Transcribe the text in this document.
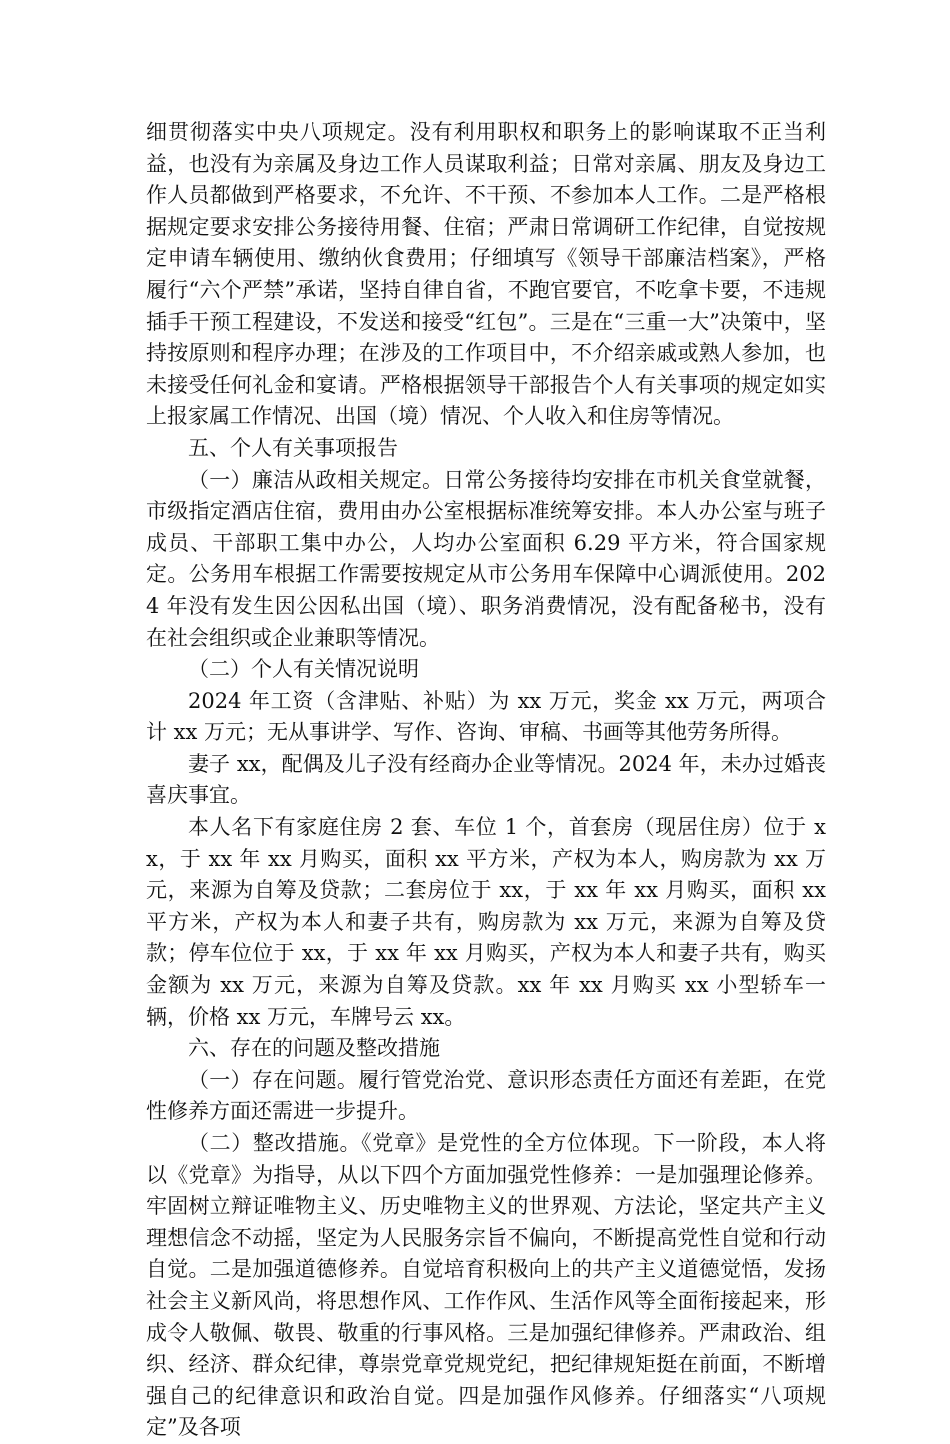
细贯彻落实中央八项规定。没有利用职权和职务上的影响谋取不正当利益，也没有为亲属及身边工作人员谋取利益；日常对亲属、朋友及身边工作人员都做到严格要求，不允许、不干预、不参加本人工作。二是严格根据规定要求安排公务接待用餐、住宿；严肃日常调研工作纪律，自觉按规定申请车辆使用、缴纳伙食费用；仔细填写《领导干部廉洁档案》，严格履行“六个严禁”承诺，坚持自律自省，不跑官要官，不吃拿卡要，不违规插手干预工程建设，不发送和接受“红包”。三是在“三重一大”决策中，坚持按原则和程序办理；在涉及的工作项目中，不介绍亲戚或熟人参加，也未接受任何礼金和宴请。严格根据领导干部报告个人有关事项的规定如实上报家属工作情况、出国（境）情况、个人收入和住房等情况。

五、个人有关事项报告

（一）廉洁从政相关规定。日常公务接待均安排在市机关食堂就餐，市级指定酒店住宿，费用由办公室根据标准统筹安排。本人办公室与班子成员、干部职工集中办公，人均办公室面积 6.29 平方米，符合国家规定。公务用车根据工作需要按规定从市公务用车保障中心调派使用。2024 年没有发生因公因私出国（境）、职务消费情况，没有配备秘书，没有在社会组织或企业兼职等情况。

（二）个人有关情况说明

2024 年工资（含津贴、补贴）为 xx 万元，奖金 xx 万元，两项合计 xx 万元；无从事讲学、写作、咨询、审稿、书画等其他劳务所得。

妻子 xx，配偶及儿子没有经商办企业等情况。2024 年，未办过婚丧喜庆事宜。

本人名下有家庭住房 2 套、车位 1 个，首套房（现居住房）位于 xx，于 xx 年 xx 月购买，面积 xx 平方米，产权为本人，购房款为 xx 万元，来源为自筹及贷款；二套房位于 xx，于 xx 年 xx 月购买，面积 xx 平方米，产权为本人和妻子共有，购房款为 xx 万元，来源为自筹及贷款；停车位位于 xx，于 xx 年 xx 月购买，产权为本人和妻子共有，购买金额为 xx 万元，来源为自筹及贷款。xx 年 xx 月购买 xx 小型轿车一辆，价格 xx 万元，车牌号云 xx。

六、存在的问题及整改措施

（一）存在问题。履行管党治党、意识形态责任方面还有差距，在党性修养方面还需进一步提升。

（二）整改措施。《党章》是党性的全方位体现。下一阶段，本人将以《党章》为指导，从以下四个方面加强党性修养：一是加强理论修养。牢固树立辩证唯物主义、历史唯物主义的世界观、方法论，坚定共产主义理想信念不动摇，坚定为人民服务宗旨不偏向，不断提高党性自觉和行动自觉。二是加强道德修养。自觉培育积极向上的共产主义道德觉悟，发扬社会主义新风尚，将思想作风、工作作风、生活作风等全面衔接起来，形成令人敬佩、敬畏、敬重的行事风格。三是加强纪律修养。严肃政治、组织、经济、群众纪律，尊崇党章党规党纪，把纪律规矩挺在前面，不断增强自己的纪律意识和政治自觉。四是加强作风修养。仔细落实“八项规定”及各项
